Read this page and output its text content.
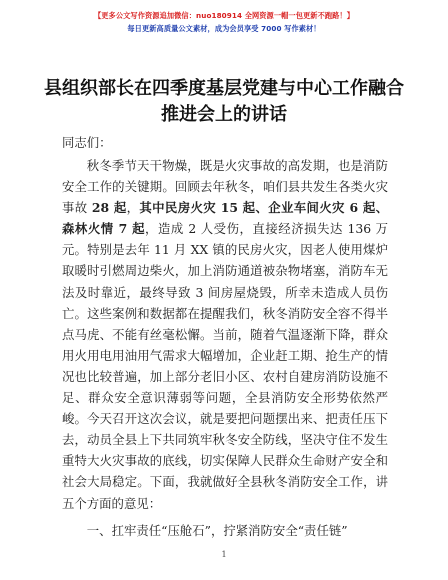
【更多公文写作资源追加微信：nuo180914 全网资源一帽一包更新不跑路！】
每日更新高质量公文素材，成为会员享受 7000 写作素材！
县组织部长在四季度基层党建与中心工作融合
推进会上的讲话
同志们：
秋冬季节天干物燥，既是火灾事故的高发期，也是消防安全工作的关键期。回顾去年秋冬，咱们县共发生各类火灾事故 28 起，其中民房火灾 15 起、企业车间火灾 6 起、森林火情 7 起，造成 2 人受伤，直接经济损失达 136 万元。特别是去年 11 月 XX 镇的民房火灾，因老人使用煤炉取暖时引燃周边柴火，加上消防通道被杂物堵塞，消防车无法及时靠近，最终导致 3 间房屋烧毁，所幸未造成人员伤亡。这些案例和数据都在提醒我们，秋冬消防安全容不得半点马虎、不能有丝毫松懈。当前，随着气温逐渐下降，群众用火用电用油用气需求大幅增加，企业赶工期、抢生产的情况也比较普遍，加上部分老旧小区、农村自建房消防设施不足、群众安全意识薄弱等问题，全县消防安全形势依然严峻。今天召开这次会议，就是要把问题摆出来、把责任压下去，动员全县上下共同筑牢秋冬安全防线，坚决守住不发生重特大火灾事故的底线，切实保障人民群众生命财产安全和社会大局稳定。下面，我就做好全县秋冬消防安全工作，讲五个方面的意见：
一、扛牢责任“压舱石”，拧紧消防安全“责任链”
1
